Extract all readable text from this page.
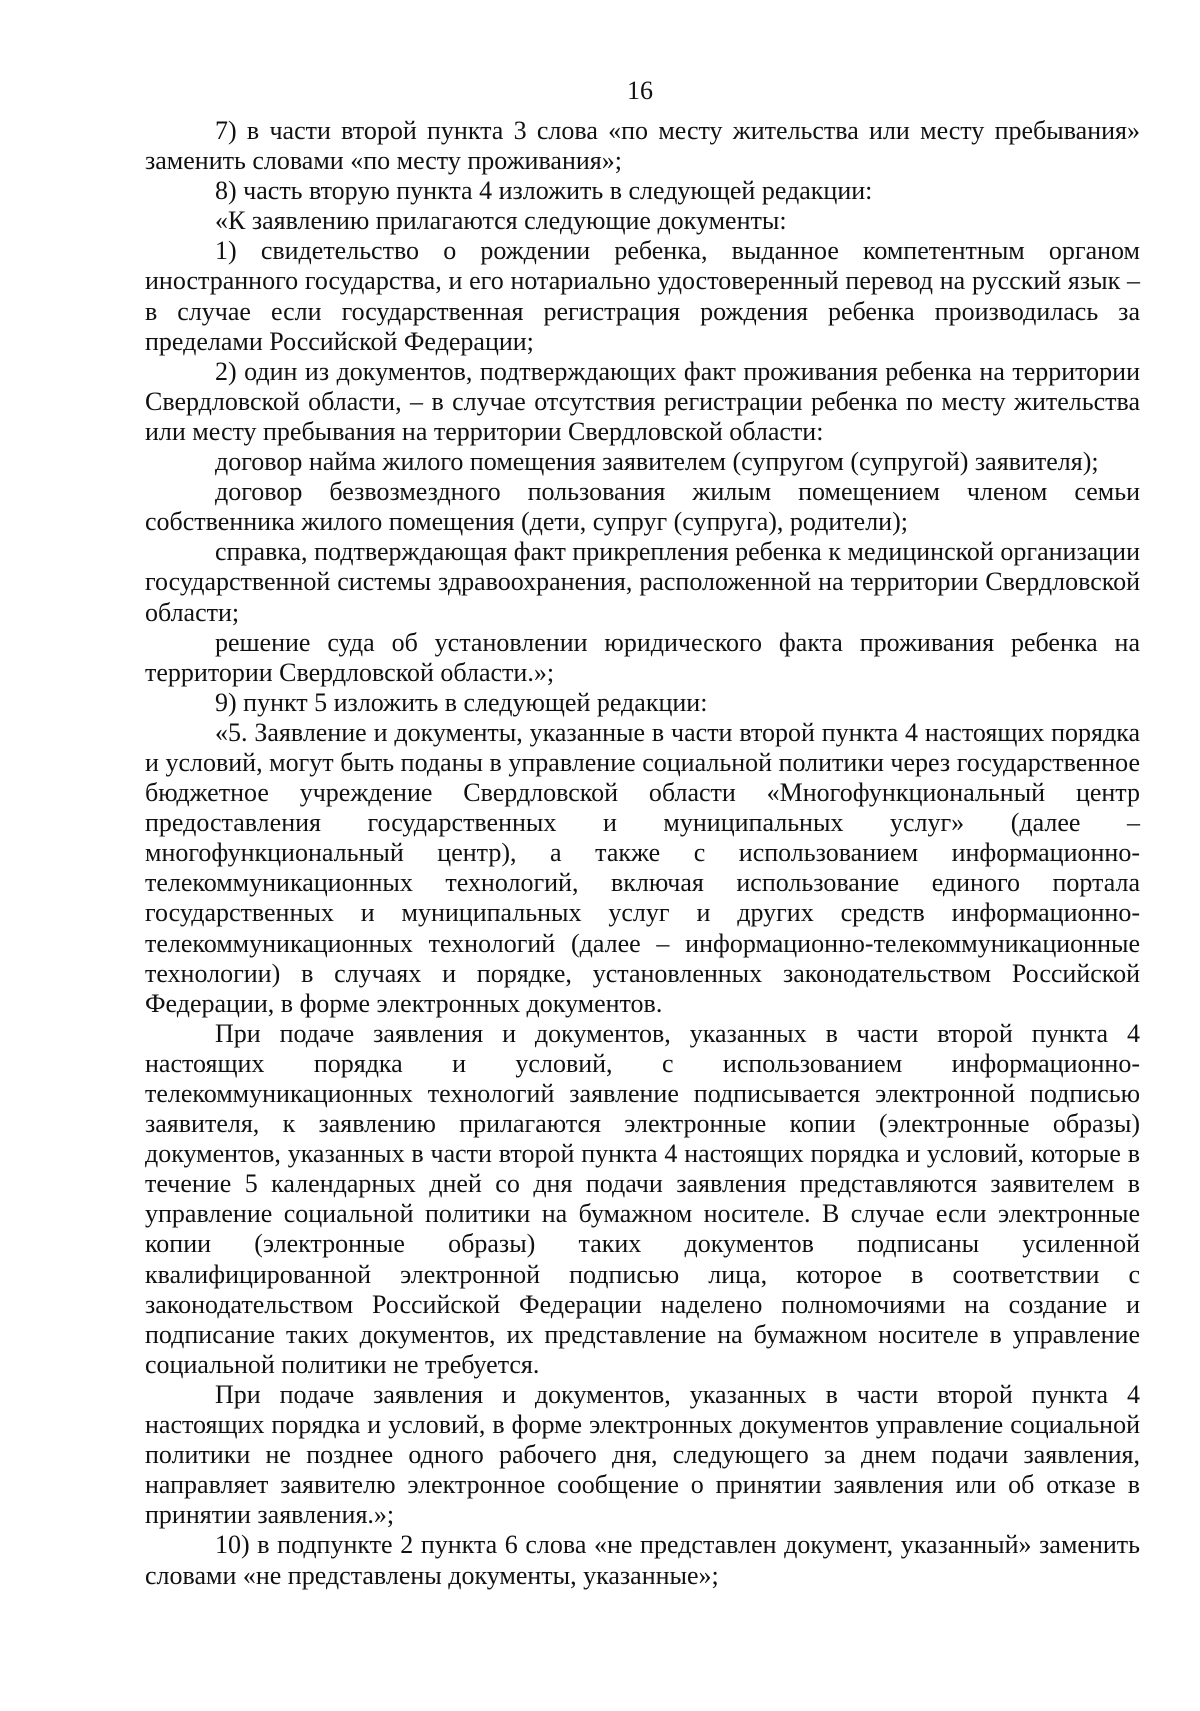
16

7) в части второй пункта 3 слова «по месту жительства или месту пребывания» заменить словами «по месту проживания»;

8) часть вторую пункта 4 изложить в следующей редакции:

«К заявлению прилагаются следующие документы:

1) свидетельство о рождении ребенка, выданное компетентным органом иностранного государства, и его нотариально удостоверенный перевод на русский язык – в случае если государственная регистрация рождения ребенка производилась за пределами Российской Федерации;

2) один из документов, подтверждающих факт проживания ребенка на территории Свердловской области, – в случае отсутствия регистрации ребенка по месту жительства или месту пребывания на территории Свердловской области:

договор найма жилого помещения заявителем (супругом (супругой) заявителя);

договор безвозмездного пользования жилым помещением членом семьи собственника жилого помещения (дети, супруг (супруга), родители);

справка, подтверждающая факт прикрепления ребенка к медицинской организации государственной системы здравоохранения, расположенной на территории Свердловской области;

решение суда об установлении юридического факта проживания ребенка на территории Свердловской области.»;

9) пункт 5 изложить в следующей редакции:

«5. Заявление и документы, указанные в части второй пункта 4 настоящих порядка и условий, могут быть поданы в управление социальной политики через государственное бюджетное учреждение Свердловской области «Многофункциональный центр предоставления государственных и муниципальных услуг» (далее – многофункциональный центр), а также с использованием информационно-телекоммуникационных технологий, включая использование единого портала государственных и муниципальных услуг и других средств информационно-телекоммуникационных технологий (далее – информационно-телекоммуникационные технологии) в случаях и порядке, установленных законодательством Российской Федерации, в форме электронных документов.

При подаче заявления и документов, указанных в части второй пункта 4 настоящих порядка и условий, с использованием информационно-телекоммуникационных технологий заявление подписывается электронной подписью заявителя, к заявлению прилагаются электронные копии (электронные образы) документов, указанных в части второй пункта 4 настоящих порядка и условий, которые в течение 5 календарных дней со дня подачи заявления представляются заявителем в управление социальной политики на бумажном носителе. В случае если электронные копии (электронные образы) таких документов подписаны усиленной квалифицированной электронной подписью лица, которое в соответствии с законодательством Российской Федерации наделено полномочиями на создание и подписание таких документов, их представление на бумажном носителе в управление социальной политики не требуется.

При подаче заявления и документов, указанных в части второй пункта 4 настоящих порядка и условий, в форме электронных документов управление социальной политики не позднее одного рабочего дня, следующего за днем подачи заявления, направляет заявителю электронное сообщение о принятии заявления или об отказе в принятии заявления.»;

10) в подпункте 2 пункта 6 слова «не представлен документ, указанный» заменить словами «не представлены документы, указанные»;
